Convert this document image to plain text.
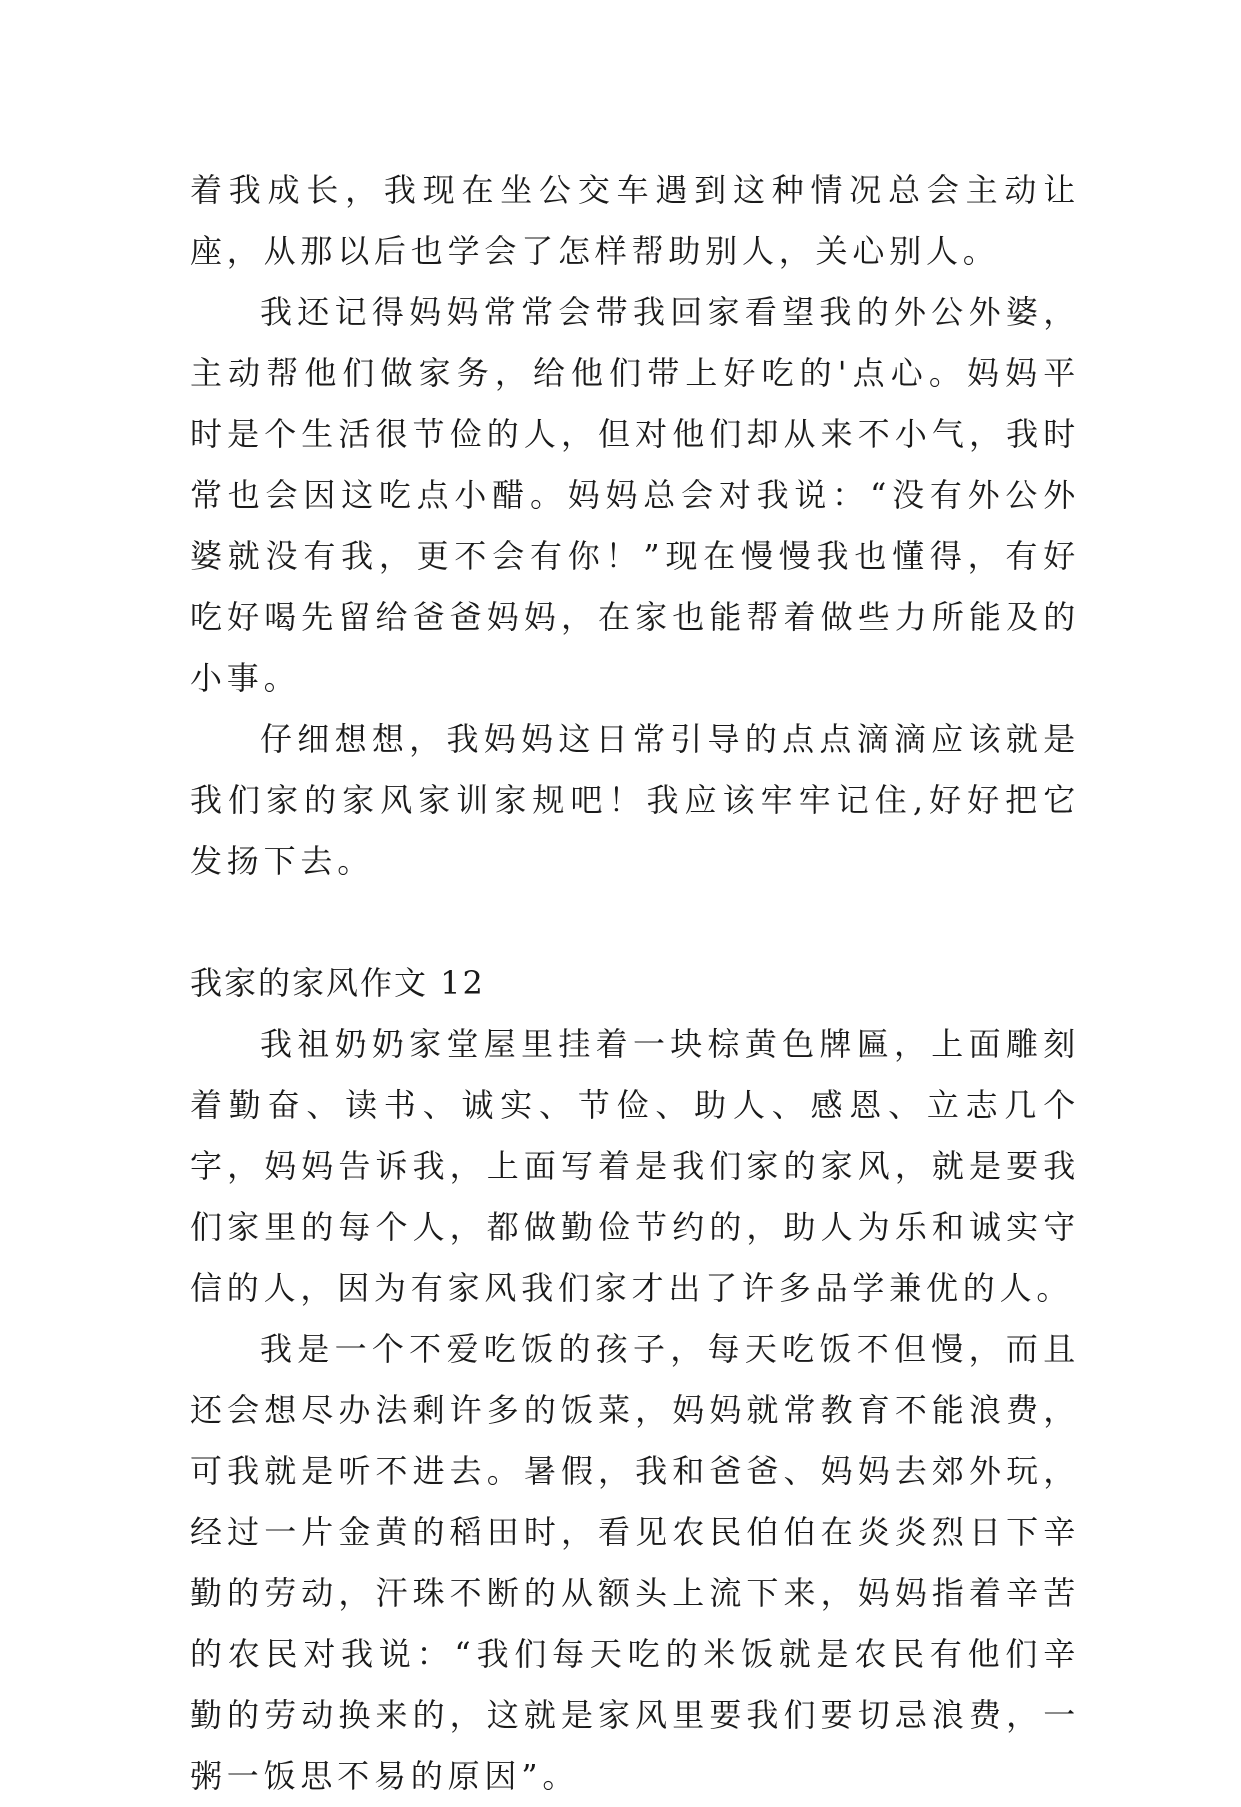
着我成长，我现在坐公交车遇到这种情况总会主动让座，从那以后也学会了怎样帮助别人，关心别人。

我还记得妈妈常常会带我回家看望我的外公外婆，主动帮他们做家务，给他们带上好吃的'点心。妈妈平时是个生活很节俭的人，但对他们却从来不小气，我时常也会因这吃点小醋。妈妈总会对我说：“没有外公外婆就没有我，更不会有你！”现在慢慢我也懂得，有好吃好喝先留给爸爸妈妈，在家也能帮着做些力所能及的小事。

仔细想想，我妈妈这日常引导的点点滴滴应该就是我们家的家风家训家规吧！我应该牢牢记住,好好把它发扬下去。

我家的家风作文 12

我祖奶奶家堂屋里挂着一块棕黄色牌匾，上面雕刻着勤奋、读书、诚实、节俭、助人、感恩、立志几个字，妈妈告诉我，上面写着是我们家的家风，就是要我们家里的每个人，都做勤俭节约的，助人为乐和诚实守信的人，因为有家风我们家才出了许多品学兼优的人。

我是一个不爱吃饭的孩子，每天吃饭不但慢，而且还会想尽办法剩许多的饭菜，妈妈就常教育不能浪费，可我就是听不进去。暑假，我和爸爸、妈妈去郊外玩，经过一片金黄的稻田时，看见农民伯伯在炎炎烈日下辛勤的劳动，汗珠不断的从额头上流下来，妈妈指着辛苦的农民对我说：“我们每天吃的米饭就是农民有他们辛勤的劳动换来的，这就是家风里要我们要切忌浪费，一粥一饭思不易的原因”。
